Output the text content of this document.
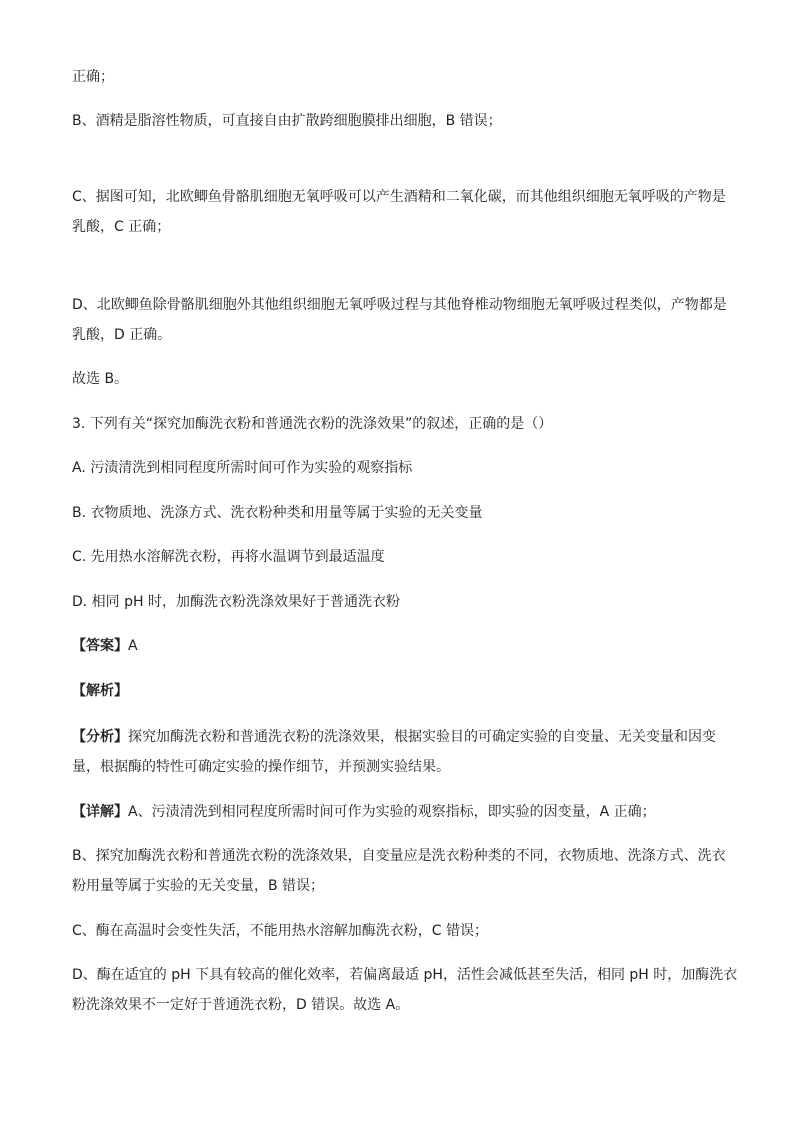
正确；

B、酒精是脂溶性物质，可直接自由扩散跨细胞膜排出细胞，B 错误；

C、据图可知，北欧鲫鱼骨骼肌细胞无氧呼吸可以产生酒精和二氧化碳，而其他组织细胞无氧呼吸的产物是

乳酸，C 正确；

D、北欧鲫鱼除骨骼肌细胞外其他组织细胞无氧呼吸过程与其他脊椎动物细胞无氧呼吸过程类似，产物都是

乳酸，D 正确。

故选 B。

3. 下列有关“探究加酶洗衣粉和普通洗衣粉的洗涤效果”的叙述，正确的是（）

A. 污渍清洗到相同程度所需时间可作为实验的观察指标

B. 衣物质地、洗涤方式、洗衣粉种类和用量等属于实验的无关变量

C. 先用热水溶解洗衣粉，再将水温调节到最适温度

D. 相同 pH 时，加酶洗衣粉洗涤效果好于普通洗衣粉

【答案】A

【解析】

【分析】探究加酶洗衣粉和普通洗衣粉的洗涤效果，根据实验目的可确定实验的自变量、无关变量和因变

量，根据酶的特性可确定实验的操作细节，并预测实验结果。

【详解】A、污渍清洗到相同程度所需时间可作为实验的观察指标，即实验的因变量，A 正确；

B、探究加酶洗衣粉和普通洗衣粉的洗涤效果，自变量应是洗衣粉种类的不同，衣物质地、洗涤方式、洗衣

粉用量等属于实验的无关变量，B 错误；

C、酶在高温时会变性失活，不能用热水溶解加酶洗衣粉，C 错误；

D、酶在适宜的 pH 下具有较高的催化效率，若偏离最适 pH，活性会减低甚至失活，相同 pH 时，加酶洗衣

粉洗涤效果不一定好于普通洗衣粉，D 错误。故选 A。
